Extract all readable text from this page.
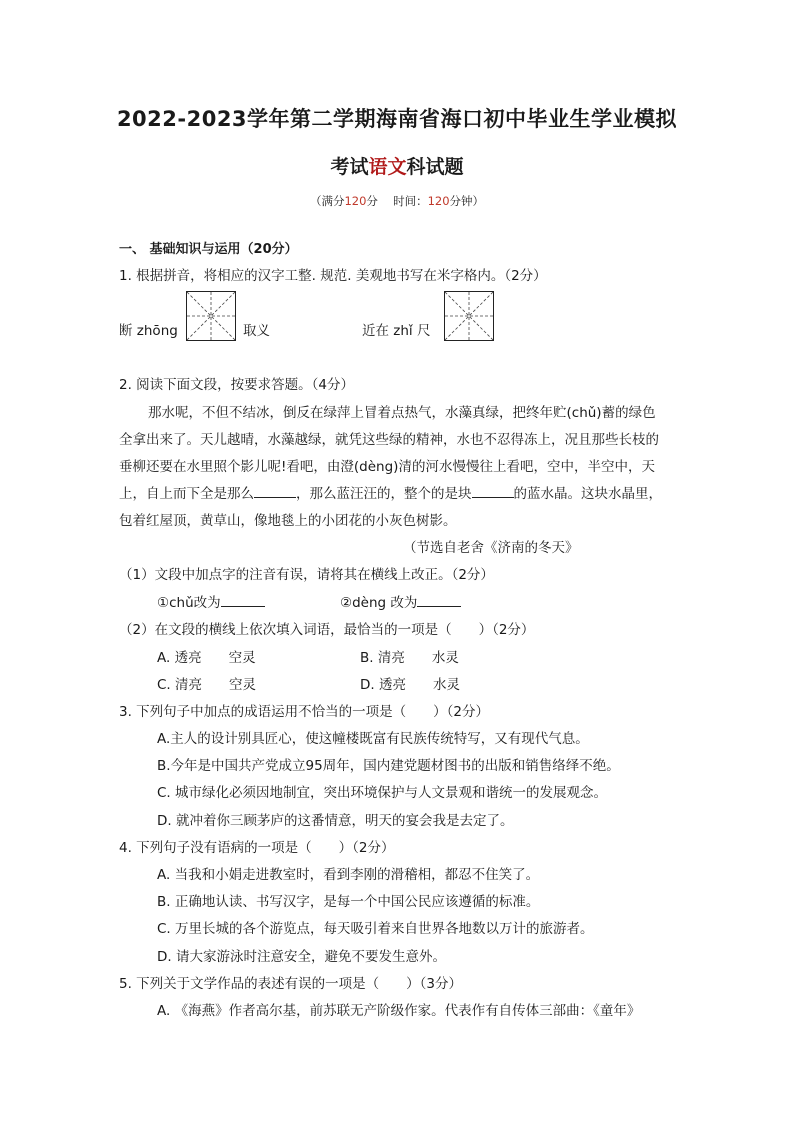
2022-2023学年第二学期海南省海口初中毕业生学业模拟
考试语文科试题
（满分120分　 时间：120分钟）
一、 基础知识与运用（20分）
1. 根据拼音，将相应的汉字工整. 规范. 美观地书写在米字格内。（2分）
断 zhōng	取义	近在 zhǐ 尺
2. 阅读下面文段，按要求答题。（4分）
那水呢，不但不结冰，倒反在绿萍上冒着点热气，水藻真绿，把终年贮(chǔ)蓄的绿色
全拿出来了。天儿越晴，水藻越绿，就凭这些绿的精神，水也不忍得冻上，况且那些长枝的
垂柳还要在水里照个影儿呢!看吧，由澄(dèng)清的河水慢慢往上看吧，空中，半空中，天
上，自上而下全是那么	，那么蓝汪汪的，整个的是块	的蓝水晶。这块水晶里，
包着红屋顶，黄草山，像地毯上的小团花的小灰色树影。
（节选自老舍《济南的冬天》
（1）文段中加点字的注音有误，请将其在横线上改正。（2分）
①chǔ改为	②dèng 改为
（2）在文段的横线上依次填入词语，最恰当的一项是（　　）（2分）
A. 透亮　　空灵	B. 清亮　　水灵
C. 清亮　　空灵	D. 透亮　　水灵
3. 下列句子中加点的成语运用不恰当的一项是（　　）（2分）
A.主人的设计别具匠心，使这幢楼既富有民族传统特写，又有现代气息。
B.今年是中国共产党成立95周年，国内建党题材图书的出版和销售络绎不绝。
C. 城市绿化必须因地制宜，突出环境保护与人文景观和谐统一的发展观念。
D. 就冲着你三顾茅庐的这番情意，明天的宴会我是去定了。
4. 下列句子没有语病的一项是（　　）（2分）
A. 当我和小娟走进教室时，看到李刚的滑稽相，都忍不住笑了。
B. 正确地认读、书写汉字，是每一个中国公民应该遵循的标准。
C. 万里长城的各个游览点，每天吸引着来自世界各地数以万计的旅游者。
D. 请大家游泳时注意安全，避免不要发生意外。
5. 下列关于文学作品的表述有误的一项是（　　）（3分）
A. 《海燕》作者高尔基，前苏联无产阶级作家。代表作有自传体三部曲：《童年》
